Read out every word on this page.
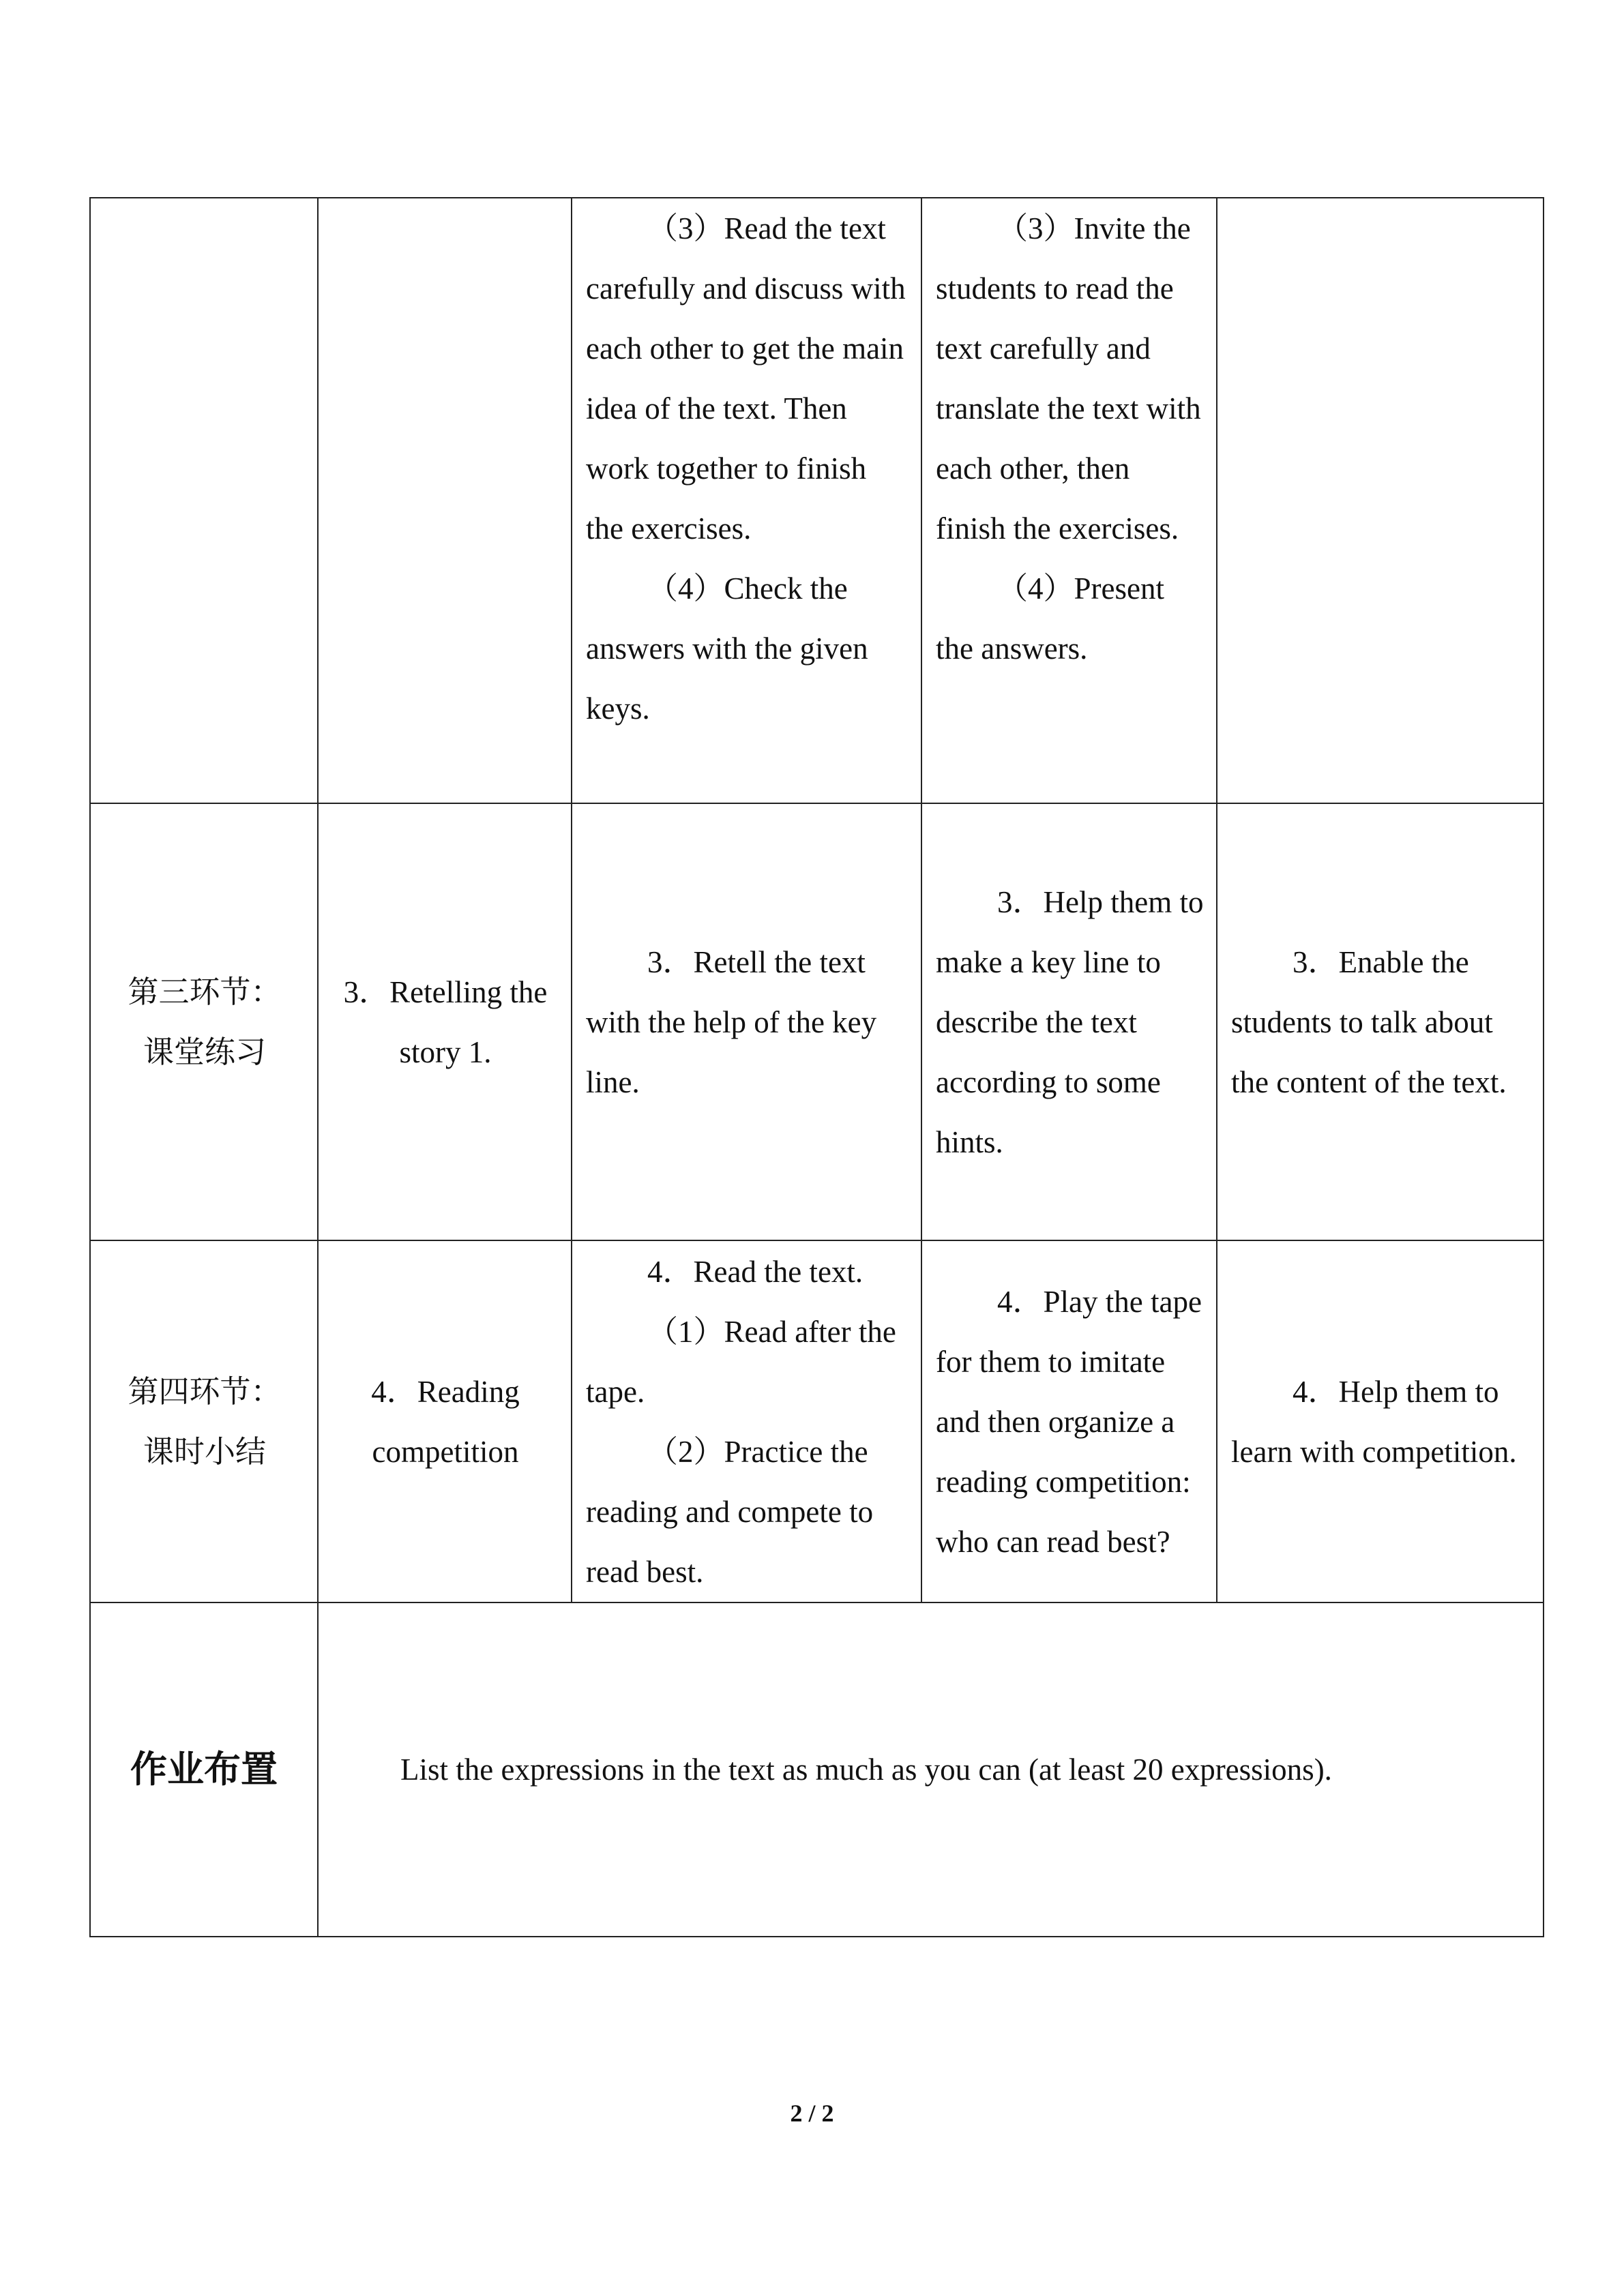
		（3）Read the text　carefully and discuss with each other to get the main idea of the text. Then work together to finish the exercises.
（4）Check the answers with the given keys.	（3）Invite the students to read the text carefully and translate the text with each other, then finish the exercises.
（4）Present the answers.	

第三环节：
课堂练习	3．Retelling the story 1.	3．Retell the text with the help of the key line.	3．Help them to make a key line to describe the text according to some hints.	3．Enable the students to talk about the content of the text.

第四环节：
课时小结	4．Reading competition	4．Read the text.
（1）Read after the tape.
（2）Practice the reading and compete to read best.	4．Play the tape for them to imitate and then organize a reading competition: who can read best?	4．Help them to learn with competition.

作业布置	List the expressions in the text as much as you can (at least 20 expressions).			
2 / 2
